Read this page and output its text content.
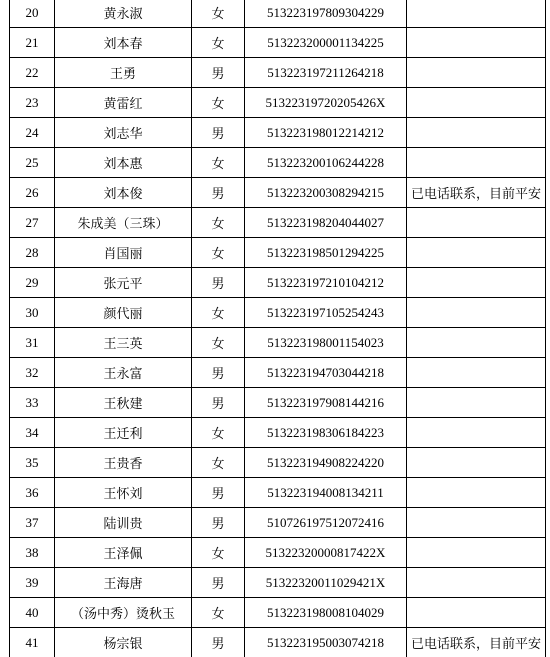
20	黄永淑	女	513223197809304229	
21	刘本春	女	513223200001134225	
22	王勇	男	513223197211264218	
23	黄雷红	女	51322319720205426X	
24	刘志华	男	513223198012214212	
25	刘本惠	女	513223200106244228	
26	刘本俊	男	513223200308294215	已电话联系，目前平安
27	朱成美（三珠）	女	513223198204044027	
28	肖国丽	女	513223198501294225	
29	张元平	男	513223197210104212	
30	颜代丽	女	513223197105254243	
31	王三英	女	513223198001154023	
32	王永富	男	513223194703044218	
33	王秋建	男	513223197908144216	
34	王迁利	女	513223198306184223	
35	王贵香	女	513223194908224220	
36	王怀刘	男	513223194008134211	
37	陆训贵	男	510726197512072416	
38	王泽佩	女	51322320000817422X	
39	王海唐	男	51322320011029421X	
40	（汤中秀）烫秋玉	女	513223198008104029	
41	杨宗银	男	513223195003074218	已电话联系，目前平安
